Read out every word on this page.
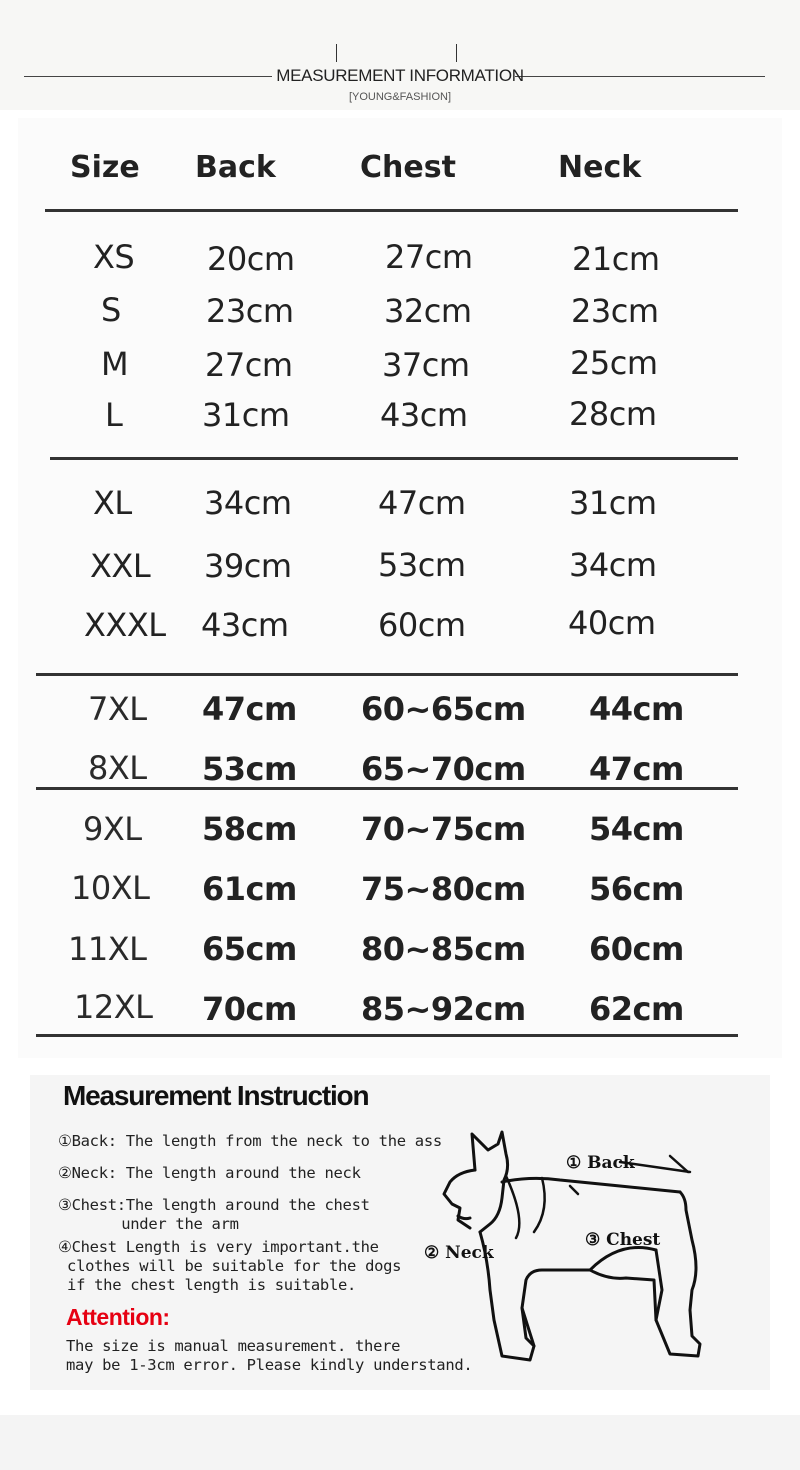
MEASUREMENT INFORMATION
[YOUNG&FASHION]
Size Back	Chest	Neck
XS 20cm	27cm	21cm
S	23cm	32cm	23cm
M 27cm	37cm	25cm
L 31cm	43cm	28cm
XL 34cm	47cm	31cm
XXL 39cm	53cm	34cm
XXXL 43cm	60cm	40cm
7XL 47cm 60~65cm 44cm
8XL 53cm 65~70cm 47cm
9XL 58cm 70~75cm 54cm
10XL 61cm 75~80cm 56cm
11XL 65cm 80~85cm 60cm
12XL 70cm 85~92cm 62cm
Measurement Instruction
①Back: The length from the neck to the ass
②Neck: The length around the neck
③Chest:The length around the chest
under the arm
④Chest Length is very important.the
clothes will be suitable for the dogs
if the chest length is suitable.
Attention:
The size is manual measurement. there
may be 1-3cm error. Please kindly understand.
① Back
② Neck
③ Chest
